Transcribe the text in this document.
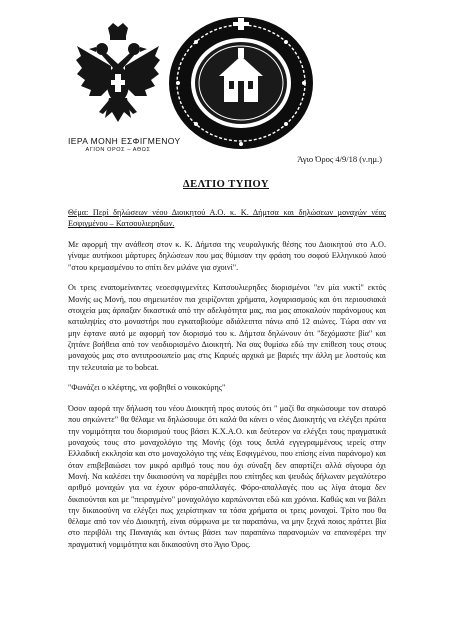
ΙΕΡΑ ΜΟΝΗ ΕΣΦΙΓΜΕΝΟΥ
ΑΓΙΟΝ ΟΡΟΣ – ΑΘΩΣ
Άγιο Όρος 4/9/18 (ν.ημ.)
ΔΕΛΤΙΟ ΤΥΠΟΥ

Θέμα: Περί δηλώσεων νέου Διοικητού Α.Ο. κ. Κ. Δήμτσα και δηλώσεων μοναχών νέας Εσφιγμένου – Κατσουλιερηδων.

Με αφορμή την ανάθεση στον κ. Κ. Δήμτσα της νευραλγικής θέσης του Διοικητού στο Α.Ο. γίναμε αυτήκοοι μάρτυρες δηλώσεων που μας θύμισαν την φράση του σοφού Ελληνικού λαού "στου κρεμασμένου το σπίτι δεν μιλάνε για σχοινί".

Οι τρεις εναπομείναντες νεοεσφιγμενίτες Κατσουλιερηδες διορισμένοι "εν μία νυκτί" εκτός Μονής ως Μονή, που σημειωτέον πια χειρίζονται χρήματα, λογαριασμούς και ότι περιουσιακά στοιχεία μας άρπαξαν δικαστικά από την αδελφότητα μας, πια μας αποκαλούν παράνομους και καταληψίες στο μοναστήρι που εγκαταβιούμε αδιάλειπτα πάνω από 12 αιώνες. Τώρα σαν να μην έφτανε αυτό με αφορμή τον διορισμό του κ. Δήμτσα δηλώνουν ότι "δεχόμαστε βία" και ζητάνε βοήθεια από τον νεοδιορισμένο Διοικητή. Να σας θυμίσω εδώ την επίθεση τους στους μοναχούς μας στο αντιπροσωπείο μας στις Καρυές αρχικά με βαριές την άλλη με λοστούς και την τελευταία με το bobcat.

"Φωνάζει ο κλέφτης, να φοβηθεί ο νοικοκύρης"

Όσον αφορά την δήλωση του νέου Διοικητή προς αυτούς ότι " μαζί θα σηκώσουμε τον σταυρό που σηκώνετε" θα θέλαμε να δηλώσουμε ότι καλά θα κάνει ο νέος Διοικητής να ελέγξει πρώτα την νομιμότητα του διορισμού τους βάσει Κ.Χ.Α.Ο. και δεύτερον να ελέγξει τους πραγματικά μοναχούς τους στο μοναχολόγιο της Μονής (όχι τους διπλά εγγεγραμμένους ιερείς στην Ελλαδική εκκλησία και στο μοναχολόγιο της νέας Εσφιγμένου, που επίσης είναι παράνομο) και όταν επιβεβαιώσει τον μικρό αριθμό τους που όχι σύναξη δεν απαρτίζει αλλά σίγουρα όχι Μονή. Να καλέσει την δικαιοσύνη να παρέμβει που επίτηδες και ψευδώς δήλωναν μεγαλύτερο αριθμό μοναχών για να έχουν φόρο-απαλλαγές. Φόρο-απαλλαγές που ως λίγα άτομα δεν δικαιούνται και με "πειραγμένο" μοναχολόγιο καρπώνονται εδώ και χρόνια. Καθώς και να βάλει την δικαιοσύνη να ελέγξει πως χειρίστηκαν τα τόσα χρήματα οι τρεις μοναχοί. Τρίτο που θα θέλαμε από τον νέο Διοικητή, είναι σύμφωνα με τα παραπάνω, να μην ξεχνά ποιος πράττει βία στο περιβόλι της Παναγιάς και όντως βάσει των παραπάνω παρανομιών να επανεφέρει την πραγματική νομιμότητα και δικαιοσύνη στο Άγιο Όρος.
